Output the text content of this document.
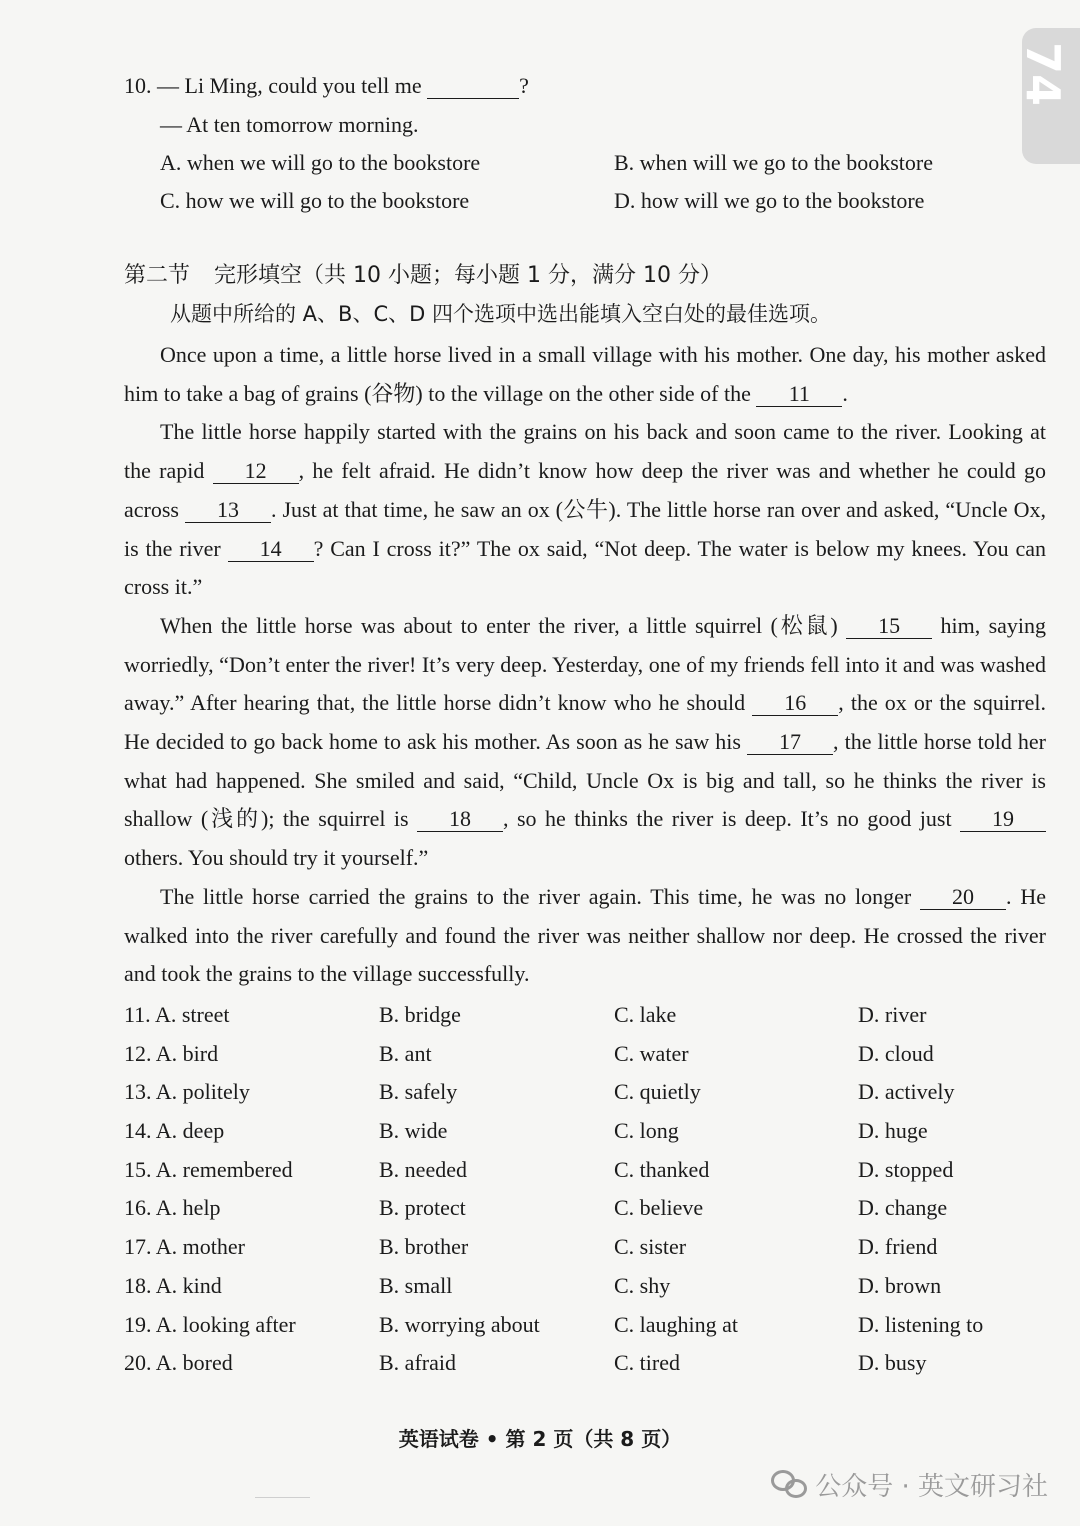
74
10. — Li Ming, could you tell me	?
— At ten tomorrow morning.
A. when we will go to the bookstore	B. when will we go to the bookstore
C. how we will go to the bookstore	D. how will we go to the bookstore
第二节 完形填空（共 10 小题；每小题 1 分，满分 10 分）
从题中所给的 A、B、C、D 四个选项中选出能填入空白处的最佳选项。

Once upon a time, a little horse lived in a small village with his mother. One day, his mother asked him to take a bag of grains (谷物) to the village on the other side of the 11 .

The little horse happily started with the grains on his back and soon came to the river. Looking at the rapid 12 , he felt afraid. He didn’t know how deep the river was and whether he could go across 13 . Just at that time, he saw an ox (公牛). The little horse ran over and asked, “Uncle Ox, is the river 14 ? Can I cross it?” The ox said, “Not deep. The water is below my knees. You can cross it.”

When the little horse was about to enter the river, a little squirrel (松鼠) 15 him, saying worriedly, “Don’t enter the river! It’s very deep. Yesterday, one of my friends fell into it and was washed away.” After hearing that, the little horse didn’t know who he should 16 , the ox or the squirrel. He decided to go back home to ask his mother. As soon as he saw his 17 , the little horse told her what had happened. She smiled and said, “Child, Uncle Ox is big and tall, so he thinks the river is shallow (浅的); the squirrel is 18 , so he thinks the river is deep. It’s no good just 19 others. You should try it yourself.”

The little horse carried the grains to the river again. This time, he was no longer 20 . He walked into the river carefully and found the river was neither shallow nor deep. He crossed the river and took the grains to the village successfully.

11. A. street	B. bridge	C. lake	D. river
12. A. bird	B. ant	C. water	D. cloud
13. A. politely	B. safely	C. quietly	D. actively
14. A. deep	B. wide	C. long	D. huge
15. A. remembered	B. needed	C. thanked	D. stopped
16. A. help	B. protect	C. believe	D. change
17. A. mother	B. brother	C. sister	D. friend
18. A. kind	B. small	C. shy	D. brown
19. A. looking after	B. worrying about	C. laughing at	D. listening to
20. A. bored	B. afraid	C. tired	D. busy
英语试卷 • 第 2 页（共 8 页）
公众号 · 英文研习社
